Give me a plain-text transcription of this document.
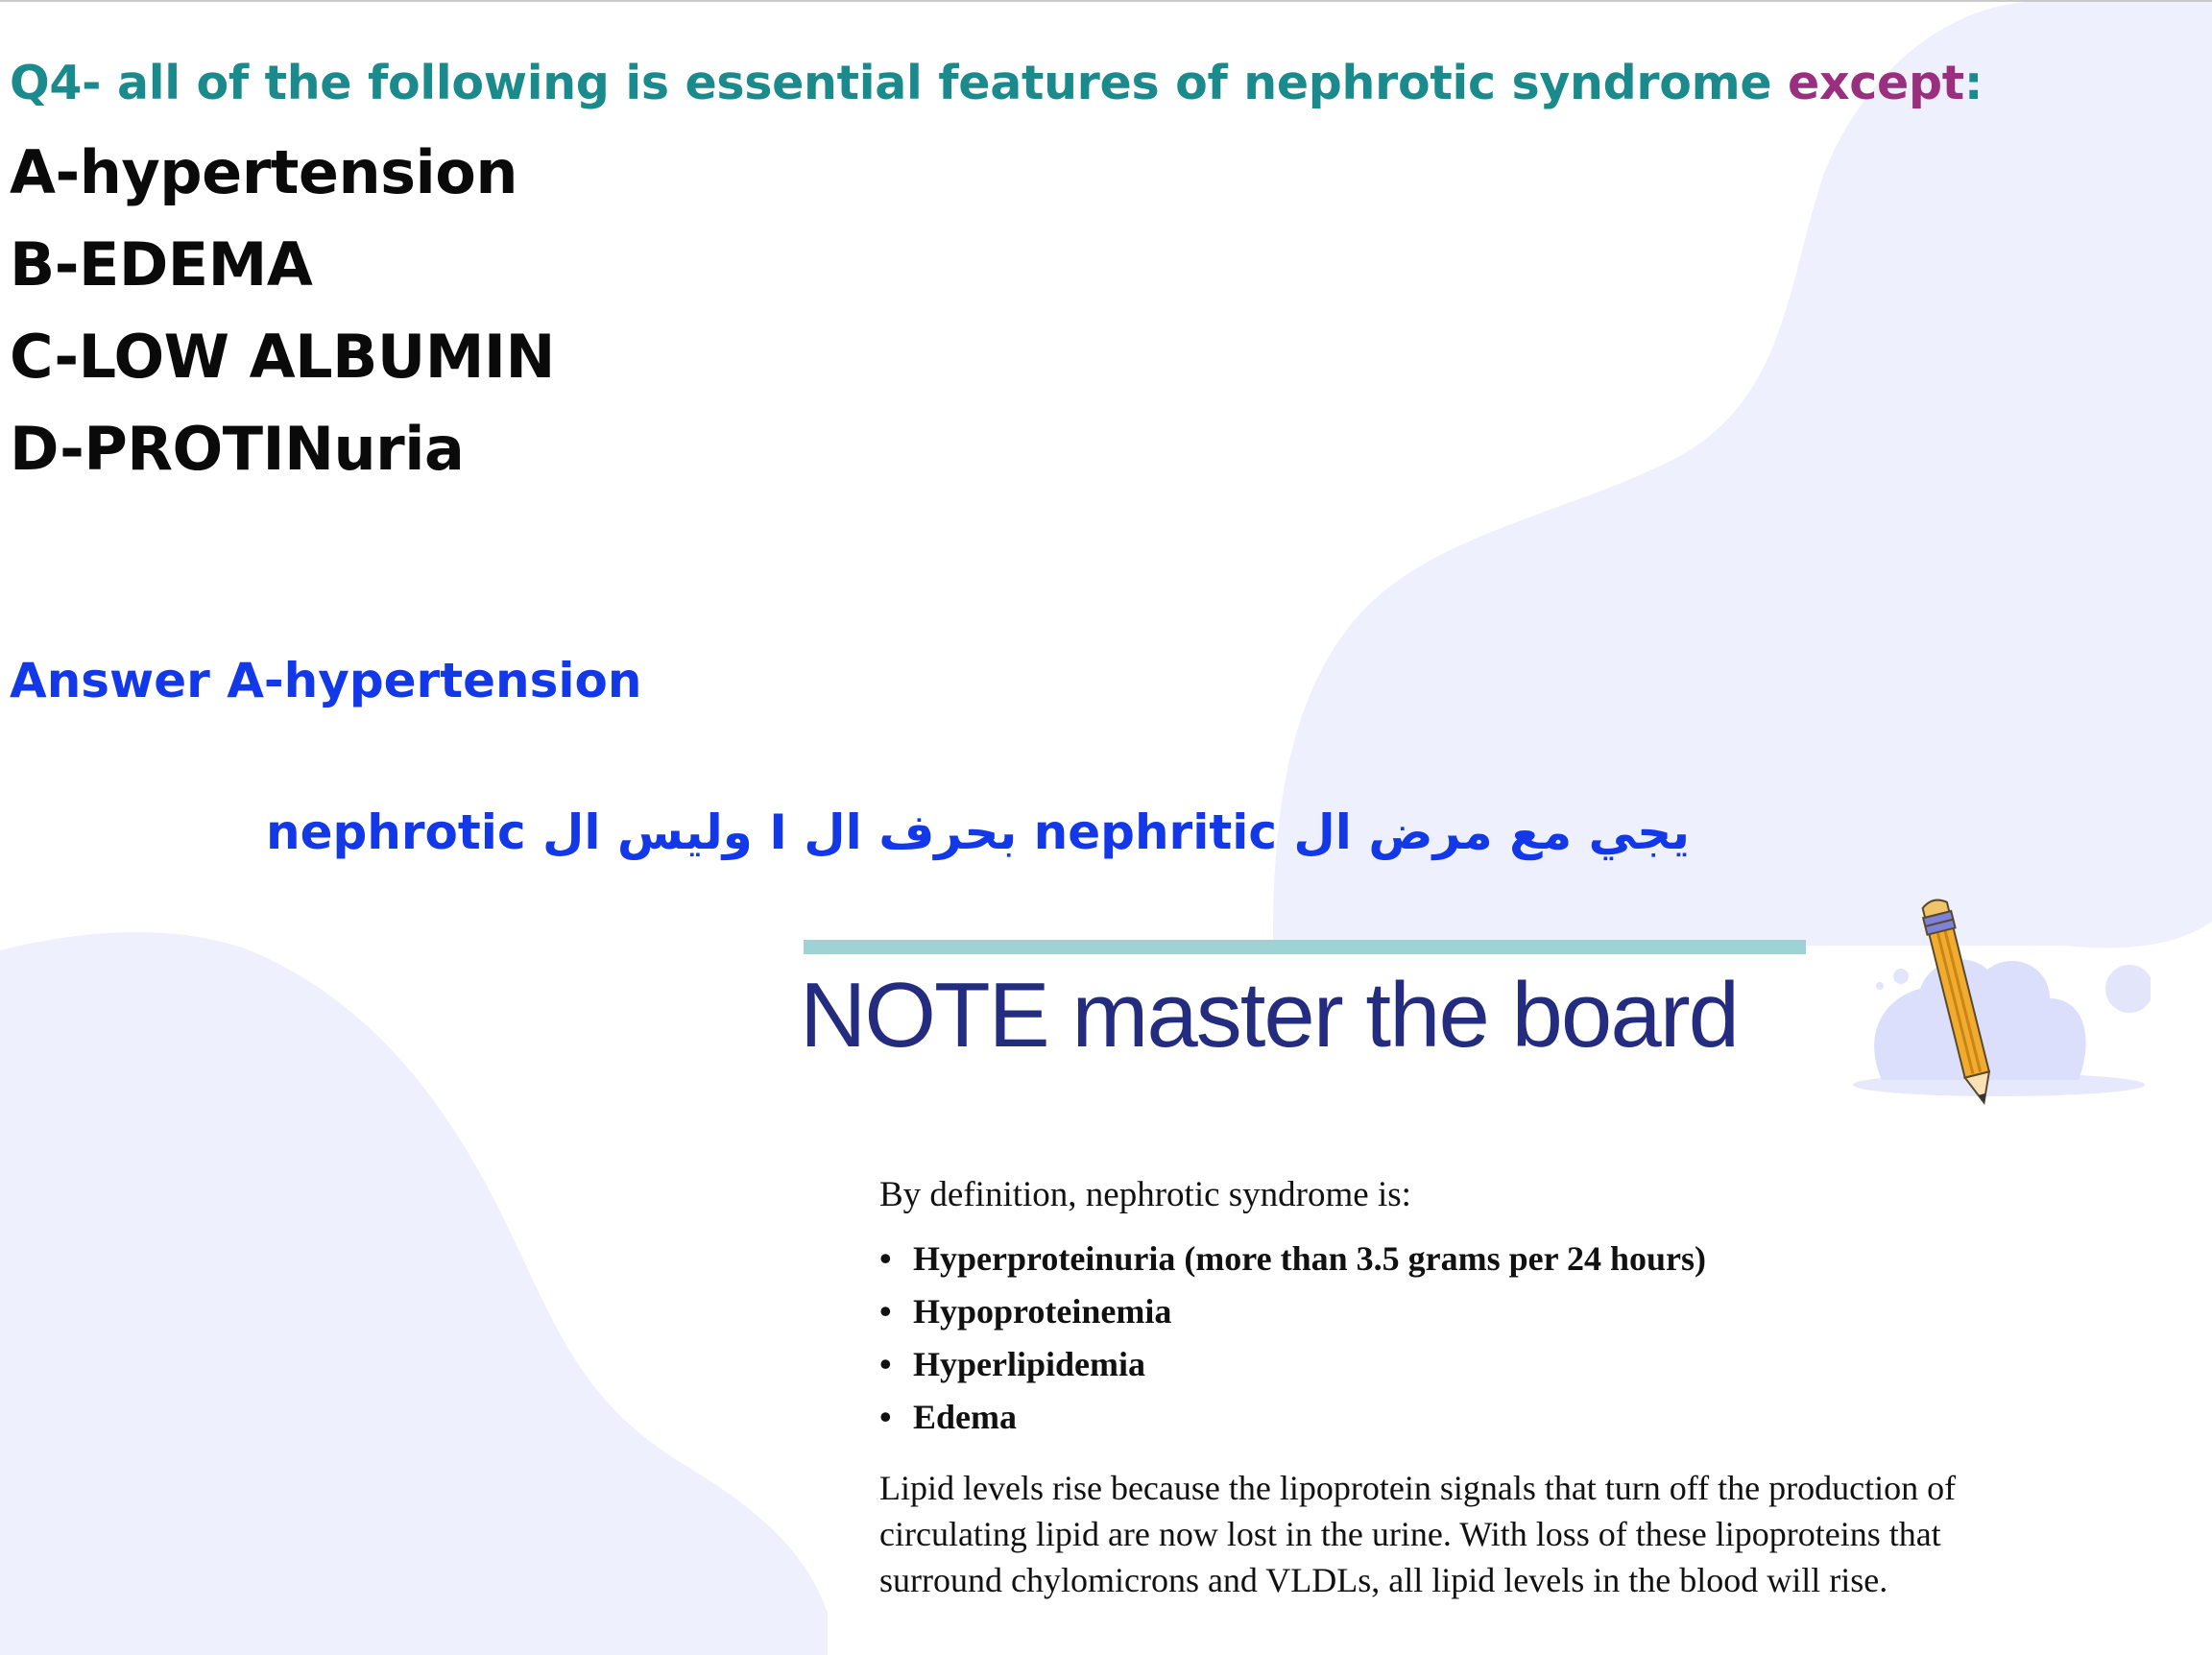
Q4- all of the following is essential features of nephrotic syndrome except:
A-hypertension
B-EDEMA
C-LOW ALBUMIN
D-PROTINuria

Answer A-hypertension

يجي مع مرض ال nephritic بحرف ال I وليس ال nephrotic

NOTE master the board

By definition, nephrotic syndrome is:

• Hyperproteinuria (more than 3.5 grams per 24 hours)
• Hypoproteinemia
• Hyperlipidemia
• Edema

Lipid levels rise because the lipoprotein signals that turn off the production of circulating lipid are now lost in the urine. With loss of these lipoproteins that surround chylomicrons and VLDLs, all lipid levels in the blood will rise.
